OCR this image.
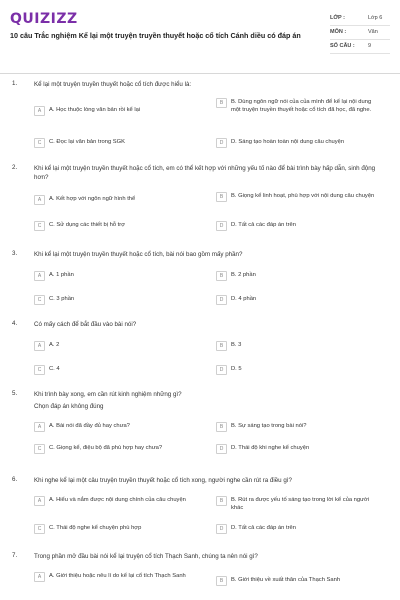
QUIZIZZ
10 câu Trắc nghiệm Kể lại một truyện truyền thuyết hoặc cổ tích Cánh diều có đáp án
LỚP :	Lớp 6
MÔN :	Văn
SỐ CÂU : 9
1.	Kể lại một truyện truyền thuyết hoặc cổ tích được hiểu là:
A	A. Học thuộc lòng văn bản rồi kể lại
B	B. Dùng ngôn ngữ nói của của mình để kể lại nội dung một truyện truyền thuyết hoặc cổ tích đã học, đã nghe.
C	C. Đọc lại văn bản trong SGK	D	D. Sáng tạo hoàn toàn nội dung câu chuyện
2.	Khi kể lại một truyện truyền thuyết hoặc cổ tích, em có thể kết hợp với những yếu tố nào để bài trình bày hấp dẫn, sinh động hơn?
A	A. Kết hợp với ngôn ngữ hình thể	B	B. Giọng kể linh hoạt, phù hợp với nội dung câu chuyện
C	C. Sử dụng các thiết bị hỗ trợ	D	D. Tất cả các đáp án trên
3.	Khi kể lại một truyện truyền thuyết hoặc cổ tích, bài nói bao gồm mấy phần?
A	A. 1 phần	B	B. 2 phần
C	C. 3 phần	D	D. 4 phần
4.	Có mấy cách để bắt đầu vào bài nói?
A	A. 2	B	B. 3
C	C. 4	D	D. 5
5.	Khi trình bày xong, em cần rút kinh nghiệm những gì?
Chọn đáp án không đúng
A	A. Bài nói đã đầy đủ hay chưa?	B	B. Sự sáng tạo trong bài nói?
C	C. Giọng kể, điệu bộ đã phù hợp hay chưa?	D	D. Thái độ khi nghe kể chuyện
6.	Khi nghe kể lại một câu truyện truyền thuyết hoặc cổ tích xong, người nghe cần rút ra điều gì?
A	A. Hiểu và nắm được nội dung chính của câu chuyện	B	B. Rút ra được yếu tố sáng tạo trong lời kể của người khác
C	C. Thái độ nghe kể chuyện phù hợp	D	D. Tất cả các đáp án trên
7.	Trong phần mở đầu bài nói kể lại truyện cổ tích Thạch Sanh, chúng ta nên nói gì?
A	A. Giới thiệu hoặc nêu lí do kể lại cổ tích Thạch Sanh
B	B. Giới thiệu về xuất thân của Thạch Sanh
